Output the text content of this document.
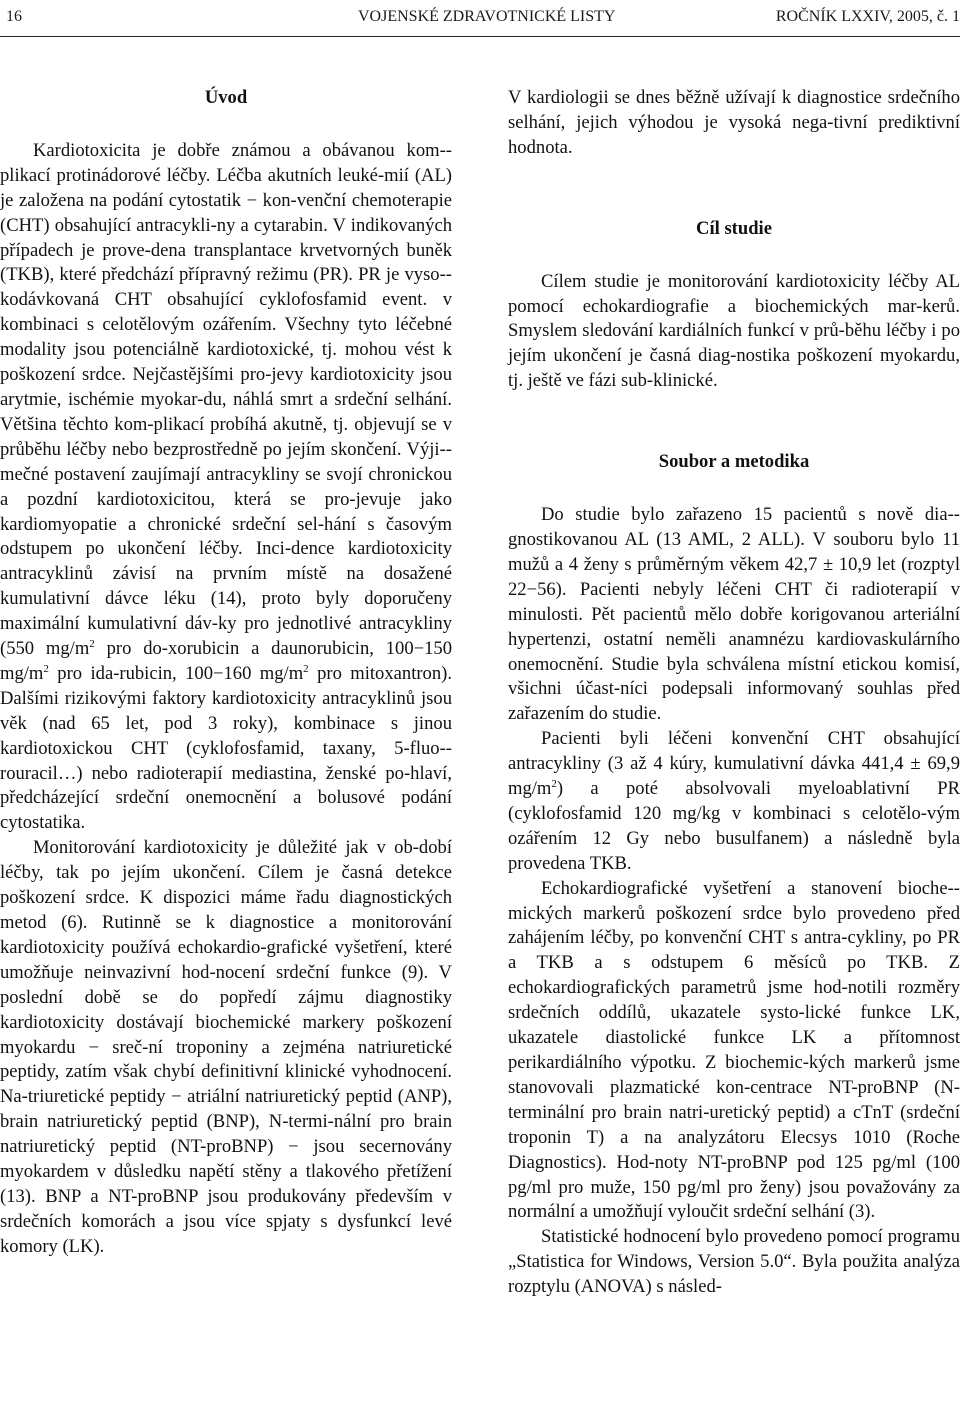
16	VOJENSKÉ ZDRAVOTNICKÉ LISTY	ROČNÍK LXXIV, 2005, č. 1

Úvod

Kardiotoxicita je dobře známou a obávanou kom-plikací protinádorové léčby. Léčba akutních leuké-mií (AL) je založena na podání cytostatik − kon-venční chemoterapie (CHT) obsahující antracykli-ny a cytarabin. V indikovaných případech je prove-dena transplantace krvetvorných buněk (TKB), které předchází přípravný režimu (PR). PR je vyso-kodávkovaná CHT obsahující cyklofosfamid event. v kombinaci s celotělovým ozářením. Všechny tyto léčebné modality jsou potenciálně kardiotoxické, tj. mohou vést k poškození srdce. Nejčastějšími pro-jevy kardiotoxicity jsou arytmie, ischémie myokar-du, náhlá smrt a srdeční selhání. Většina těchto kom-plikací probíhá akutně, tj. objevují se v průběhu léčby nebo bezprostředně po jejím skončení. Výji-mečné postavení zaujímají antracykliny se svojí chronickou a pozdní kardiotoxicitou, která se pro-jevuje jako kardiomyopatie a chronické srdeční sel-hání s časovým odstupem po ukončení léčby. Inci-dence kardiotoxicity antracyklinů závisí na prvním místě na dosažené kumulativní dávce léku (14), proto byly doporučeny maximální kumulativní dáv-ky pro jednotlivé antracykliny (550 $mg/m^2$ pro do-xorubicin a daunorubicin, 100−150 $mg/m^2$ pro ida-rubicin, 100−160 $mg/m^2$ pro mitoxantron). Dalšími rizikovými faktory kardiotoxicity antracyklinů jsou věk (nad 65 let, pod 3 roky), kombinace s jinou kardiotoxickou CHT (cyklofosfamid, taxany, 5-fluo-rouracil…) nebo radioterapií mediastina, ženské po-hlaví, předcházející srdeční onemocnění a bolusové podání cytostatika.

Monitorování kardiotoxicity je důležité jak v ob-dobí léčby, tak po jejím ukončení. Cílem je časná detekce poškození srdce. K dispozici máme řadu diagnostických metod (6). Rutinně se k diagnostice a monitorování kardiotoxicity používá echokardio-grafické vyšetření, které umožňuje neinvazivní hod-nocení srdeční funkce (9). V poslední době se do popředí zájmu diagnostiky kardiotoxicity dostávají biochemické markery poškození myokardu − sreč-ní troponiny a zejména natriuretické peptidy, zatím však chybí definitivní klinické vyhodnocení. Na-triuretické peptidy − atriální natriuretický peptid (ANP), brain natriuretický peptid (BNP), N-termi-nální pro brain natriuretický peptid (NT-proBNP) − jsou secernovány myokardem v důsledku napětí stěny a tlakového přetížení (13). BNP a NT-proBNP jsou produkovány především v srdečních komorách a jsou více spjaty s dysfunkcí levé komory (LK).

V kardiologii se dnes běžně užívají k diagnostice srdečního selhání, jejich výhodou je vysoká nega-tivní prediktivní hodnota.

Cíl studie

Cílem studie je monitorování kardiotoxicity léčby AL pomocí echokardiografie a biochemických mar-kerů. Smyslem sledování kardiálních funkcí v prů-běhu léčby i po jejím ukončení je časná diag-nostika poškození myokardu, tj. ještě ve fázi sub-klinické.

Soubor a metodika

Do studie bylo zařazeno 15 pacientů s nově dia-gnostikovanou AL (13 AML, 2 ALL). V souboru bylo 11 mužů a 4 ženy s průměrným věkem 42,7 ± 10,9 let (rozptyl 22−56). Pacienti nebyly léčeni CHT či radioterapií v minulosti. Pět pacientů mělo dobře korigovanou arteriální hypertenzi, ostatní neměli anamnézu kardiovaskulárního onemocnění. Studie byla schválena místní etickou komisí, všichni účast-níci podepsali informovaný souhlas před zařazením do studie.

Pacienti byli léčeni konvenční CHT obsahující antracykliny (3 až 4 kúry, kumulativní dávka 441,4 ± 69,9 $mg/m^2$) a poté absolvovali myeloablativní PR (cyklofosfamid 120 mg/kg v kombinaci s celotělo-vým ozářením 12 Gy nebo busulfanem) a následně byla provedena TKB.

Echokardiografické vyšetření a stanovení bioche-mických markerů poškození srdce bylo provedeno před zahájením léčby, po konvenční CHT s antra-cykliny, po PR a TKB a s odstupem 6 měsíců po TKB. Z echokardiografických parametrů jsme hod-notili rozměry srdečních oddílů, ukazatele systo-lické funkce LK, ukazatele diastolické funkce LK a přítomnost perikardiálního výpotku. Z biochemic-kých markerů jsme stanovovali plazmatické kon-centrace NT-proBNP (N-terminální pro brain natri-uretický peptid) a cTnT (srdeční troponin T) a na analyzátoru Elecsys 1010 (Roche Diagnostics). Hod-noty NT-proBNP pod 125 pg/ml (100 pg/ml pro muže, 150 pg/ml pro ženy) jsou považovány za normální a umožňují vyloučit srdeční selhání (3).

Statistické hodnocení bylo provedeno pomocí programu „Statistica for Windows, Version 5.0“. Byla použita analýza rozptylu (ANOVA) s násled-
